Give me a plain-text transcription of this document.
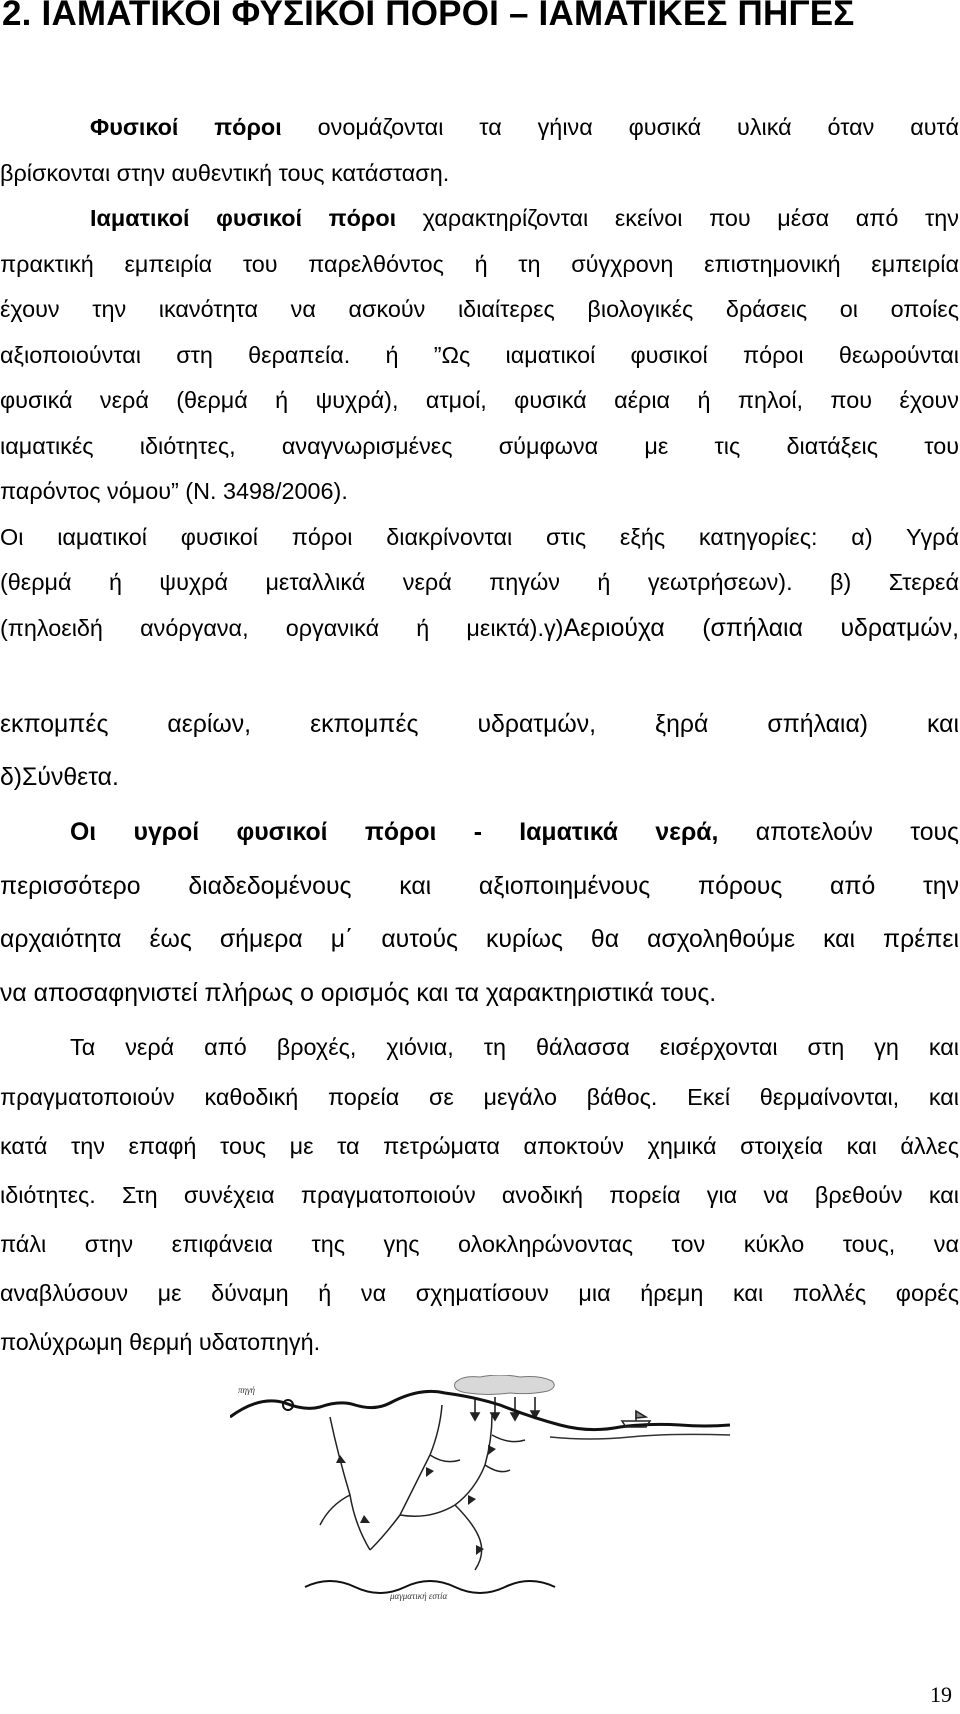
2. ΙΑΜΑΤΙΚΟΙ ΦΥΣΙΚΟΙ ΠΟΡΟΙ – ΙΑΜΑΤΙΚΕΣ ΠΗΓΕΣ
Φυσικοί πόροι ονομάζονται τα γήινα φυσικά υλικά όταν αυτά
βρίσκονται στην αυθεντική τους κατάσταση.
Ιαματικοί φυσικοί πόροι χαρακτηρίζονται εκείνοι που μέσα από την
πρακτική εμπειρία του παρελθόντος ή τη σύγχρονη επιστημονική εμπειρία
έχουν την ικανότητα να ασκούν ιδιαίτερες βιολογικές δράσεις οι οποίες
αξιοποιούνται στη θεραπεία. ή ”Ως ιαματικοί φυσικοί πόροι θεωρούνται
φυσικά νερά (θερμά ή ψυχρά), ατμοί, φυσικά αέρια ή πηλοί, που έχουν
ιαματικές ιδιότητες, αναγνωρισμένες σύμφωνα με τις διατάξεις του
παρόντος νόμου” (Ν. 3498/2006).
Οι ιαματικοί φυσικοί πόροι διακρίνονται στις εξής κατηγορίες: α) Υγρά
(θερμά ή ψυχρά μεταλλικά νερά πηγών ή γεωτρήσεων). β) Στερεά
(πηλοειδή ανόργανα, οργανικά ή μεικτά).γ)Αεριούχα (σπήλαια υδρατμών,
εκπομπές αερίων, εκπομπές υδρατμών, ξηρά σπήλαια) και
δ)Σύνθετα.
Οι υγροί φυσικοί πόροι - Ιαματικά νερά, αποτελούν τους
περισσότερο διαδεδομένους και αξιοποιημένους πόρους από την
αρχαιότητα έως σήμερα μ΄ αυτούς κυρίως θα ασχοληθούμε και πρέπει
να αποσαφηνιστεί πλήρως ο ορισμός και τα χαρακτηριστικά τους.
Τα νερά από βροχές, χιόνια, τη θάλασσα εισέρχονται στη γη και
πραγματοποιούν καθοδική πορεία σε μεγάλο βάθος. Εκεί θερμαίνονται, και
κατά την επαφή τους με τα πετρώματα αποκτούν χημικά στοιχεία και άλλες
ιδιότητες. Στη συνέχεια πραγματοποιούν ανοδική πορεία για να βρεθούν και
πάλι στην επιφάνεια της γης ολοκληρώνοντας τον κύκλο τους, να
αναβλύσουν με δύναμη ή να σχηματίσουν μια ήρεμη και πολλές φορές
πολύχρωμη θερμή υδατοπηγή.
πηγή
μαγματική εστία
19
